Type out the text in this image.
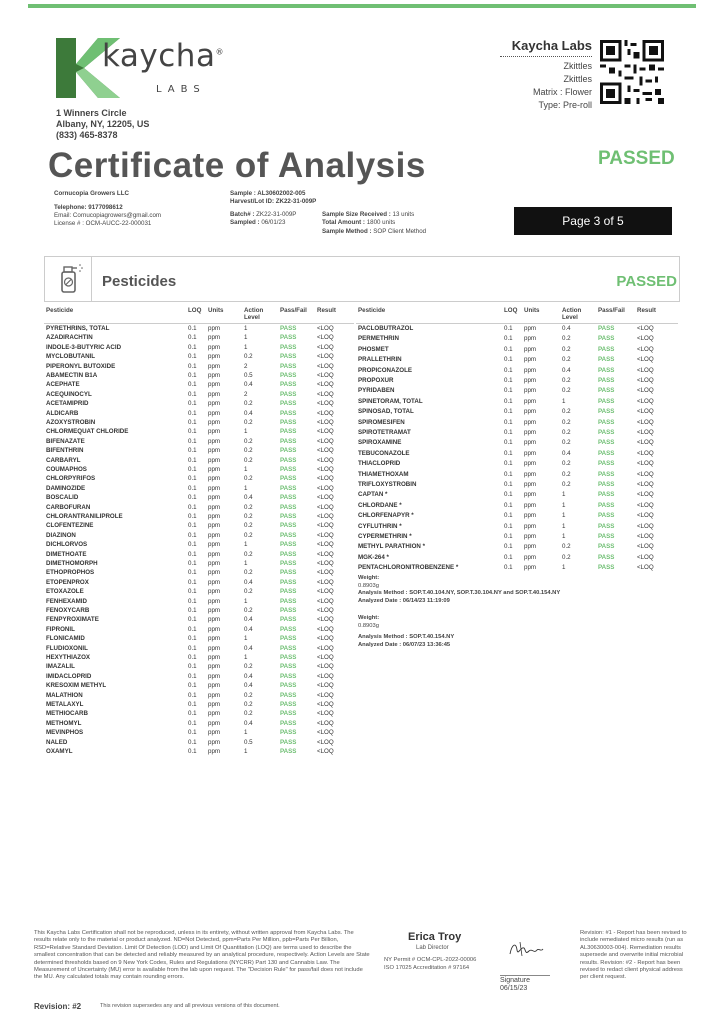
kaycha®
LABS
1 Winners Circle
Albany, NY, 12205, US
(833) 465-8378
Kaycha Labs
Zkittles
Zkittles
Matrix : Flower
Type: Pre-roll
Certificate of Analysis	PASSED
Cornucopia Growers LLC
Telephone: 9177098612
Email: Cornucopiagrowers@gmail.com
License # : OCM-AUCC-22-000031
Sample : AL30602002-005
Harvest/Lot ID: ZK22-31-009P
Batch# : ZK22-31-009P
Sampled : 06/01/23
Sample Size Received : 13 units
Total Amount : 1800 units
Sample Method : SOP Client Method
Page 3 of 5
Pesticides	PASSED
Pesticide	LOQ Units	Action Level
Pass/Fail Result
PYRETHRINS, TOTAL	0.1 ppm	1	PASS	<LOQ
AZADIRACHTIN	0.1 ppm	1	PASS	<LOQ
INDOLE-3-BUTYRIC ACID	0.1 ppm	1	PASS	<LOQ
MYCLOBUTANIL	0.1 ppm	0.2	PASS	<LOQ
PIPERONYL BUTOXIDE	0.1 ppm	2	PASS	<LOQ
ABAMECTIN B1A	0.1 ppm	0.5	PASS	<LOQ
ACEPHATE	0.1 ppm	0.4	PASS	<LOQ
ACEQUINOCYL	0.1 ppm	2	PASS	<LOQ
ACETAMIPRID	0.1 ppm	0.2	PASS	<LOQ
ALDICARB	0.1 ppm	0.4	PASS	<LOQ
AZOXYSTROBIN	0.1 ppm	0.2	PASS	<LOQ
CHLORMEQUAT CHLORIDE	0.1 ppm	1	PASS	<LOQ
BIFENAZATE	0.1 ppm	0.2	PASS	<LOQ
BIFENTHRIN	0.1 ppm	0.2	PASS	<LOQ
CARBARYL	0.1 ppm	0.2	PASS	<LOQ
COUMAPHOS	0.1 ppm	1	PASS	<LOQ
CHLORPYRIFOS	0.1 ppm	0.2	PASS	<LOQ
DAMINOZIDE	0.1 ppm	1	PASS	<LOQ
BOSCALID	0.1 ppm	0.4	PASS	<LOQ
CARBOFURAN	0.1 ppm	0.2	PASS	<LOQ
CHLORANTRANILIPROLE	0.1 ppm	0.2	PASS	<LOQ
CLOFENTEZINE	0.1 ppm	0.2	PASS	<LOQ
DIAZINON	0.1 ppm	0.2	PASS	<LOQ
DICHLORVOS	0.1 ppm	1	PASS	<LOQ
DIMETHOATE	0.1 ppm	0.2	PASS	<LOQ
DIMETHOMORPH	0.1 ppm	1	PASS	<LOQ
ETHOPROPHOS	0.1 ppm	0.2	PASS	<LOQ
ETOPENPROX	0.1 ppm	0.4	PASS	<LOQ
ETOXAZOLE	0.1 ppm	0.2	PASS	<LOQ
FENHEXAMID	0.1 ppm	1	PASS	<LOQ
FENOXYCARB	0.1 ppm	0.2	PASS	<LOQ
FENPYROXIMATE	0.1 ppm	0.4	PASS	<LOQ
FIPRONIL	0.1 ppm	0.4	PASS	<LOQ
FLONICAMID	0.1 ppm	1	PASS	<LOQ
FLUDIOXONIL	0.1 ppm	0.4	PASS	<LOQ
HEXYTHIAZOX	0.1 ppm	1	PASS	<LOQ
IMAZALIL	0.1 ppm	0.2	PASS	<LOQ
IMIDACLOPRID	0.1 ppm	0.4	PASS	<LOQ
KRESOXIM METHYL	0.1 ppm	0.4	PASS	<LOQ
MALATHION	0.1 ppm	0.2	PASS	<LOQ
METALAXYL	0.1 ppm	0.2	PASS	<LOQ
METHIOCARB	0.1 ppm	0.2	PASS	<LOQ
METHOMYL	0.1 ppm	0.4	PASS	<LOQ
MEVINPHOS	0.1 ppm	1	PASS	<LOQ
NALED	0.1 ppm	0.5	PASS	<LOQ
OXAMYL	0.1 ppm	1	PASS	<LOQ
Pesticide	LOQ Units	Action Level
Pass/Fail Result
PACLOBUTRAZOL	0.1 ppm	0.4	PASS	<LOQ
PERMETHRIN	0.1 ppm	0.2	PASS	<LOQ
PHOSMET	0.1 ppm	0.2	PASS	<LOQ
PRALLETHRIN	0.1 ppm	0.2	PASS	<LOQ
PROPICONAZOLE	0.1 ppm	0.4	PASS	<LOQ
PROPOXUR	0.1 ppm	0.2	PASS	<LOQ
PYRIDABEN	0.1 ppm	0.2	PASS	<LOQ
SPINETORAM, TOTAL	0.1 ppm	1	PASS	<LOQ
SPINOSAD, TOTAL	0.1 ppm	0.2	PASS	<LOQ
SPIROMESIFEN	0.1 ppm	0.2	PASS	<LOQ
SPIROTETRAMAT	0.1 ppm	0.2	PASS	<LOQ
SPIROXAMINE	0.1 ppm	0.2	PASS	<LOQ
TEBUCONAZOLE	0.1 ppm	0.4	PASS	<LOQ
THIACLOPRID	0.1 ppm	0.2	PASS	<LOQ
THIAMETHOXAM	0.1 ppm	0.2	PASS	<LOQ
TRIFLOXYSTROBIN	0.1 ppm	0.2	PASS	<LOQ
CAPTAN *	0.1 ppm	1	PASS	<LOQ
CHLORDANE *	0.1 ppm	1	PASS	<LOQ
CHLORFENAPYR *	0.1 ppm	1	PASS	<LOQ
CYFLUTHRIN *	0.1 ppm	1	PASS	<LOQ
CYPERMETHRIN *	0.1 ppm	1	PASS	<LOQ
METHYL PARATHION *	0.1 ppm	0.2	PASS	<LOQ
MGK-264 *	0.1 ppm	0.2	PASS	<LOQ
PENTACHLORONITROBENZENE *	0.1 ppm	1	PASS	<LOQ
Weight:
0.8903g
Analysis Method : SOP.T.40.104.NY, SOP.T.30.104.NY and SOP.T.40.154.NY
Analyzed Date : 06/14/23 11:19:09
Weight:
0.8903g
Analysis Method : SOP.T.40.154.NY
Analyzed Date : 06/07/23 13:36:45
This Kaycha Labs Certification shall not be reproduced, unless in its entirety, without written approval from Kaycha Labs. The results relate only to the material or product analyzed. ND=Not Detected, ppm=Parts Per Million, ppb=Parts Per Billion, RSD=Relative Standard Deviation. Limit Of Detection (LOD) and Limit Of Quantitation (LOQ) are terms used to describe the smallest concentration that can be detected and reliably measured by an analytical procedure, respectively. Action Levels are State determined thresholds based on 9 New York Codes, Rules and Regulations (NYCRR) Part 130 and Cannabis Law. The Measurement of Uncertainty (MU) error is available from the lab upon request. The "Decision Rule" for pass/fail does not include the MU. Any calculated totals may contain rounding errors.
Revision: #2	This revision supersedes any and all previous versions of this document.
Erica Troy
Lab Director
NY Permit # OCM-CPL-2022-00006
ISO 17025 Accreditation # 97164
Signature
06/15/23
Revision: #1 - Report has been revised to include remediated micro results (run as AL30630003-004). Remediation results supersede and overwrite initial microbial results. Revision: #2 - Report has been revised to redact client physical address per client request.
